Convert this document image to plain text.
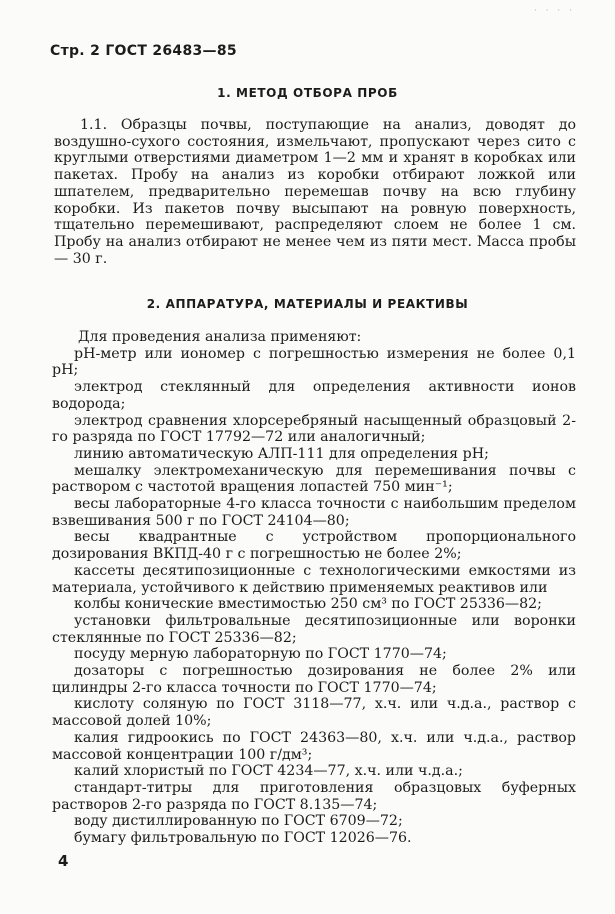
Стр. 2 ГОСТ 26483—85
· · · ·
1. МЕТОД ОТБОРА ПРОБ

1.1. Образцы почвы, поступающие на анализ, доводят до воздушно-сухого состояния, измельчают, пропускают через сито с круглыми отверстиями диаметром 1—2 мм и хранят в коробках или пакетах. Пробу на анализ из коробки отбирают ложкой или шпателем, предварительно перемешав почву на всю глубину коробки. Из пакетов почву высыпают на ровную поверхность, тщательно перемешивают, распределяют слоем не более 1 см. Пробу на анализ отбирают не менее чем из пяти мест. Масса пробы — 30 г.

2. АППАРАТУРА, МАТЕРИАЛЫ И РЕАКТИВЫ

Для проведения анализа применяют:

pH-метр или иономер с погрешностью измерения не более 0,1 pH;

электрод стеклянный для определения активности ионов водорода;

электрод сравнения хлорсеребряный насыщенный образцовый 2-го разряда по ГОСТ 17792—72 или аналогичный;

линию автоматическую АЛП-111 для определения pH;

мешалку электромеханическую для перемешивания почвы с раствором с частотой вращения лопастей 750 мин⁻¹;

весы лабораторные 4-го класса точности с наибольшим пределом взвешивания 500 г по ГОСТ 24104—80;

весы квадрантные с устройством пропорционального дозирования ВКПД-40 г с погрешностью не более 2%;

кассеты десятипозиционные с технологическими емкостями из материала, устойчивого к действию применяемых реактивов или

колбы конические вместимостью 250 см³ по ГОСТ 25336—82;

установки фильтровальные десятипозиционные или воронки стеклянные по ГОСТ 25336—82;

посуду мерную лабораторную по ГОСТ 1770—74;

дозаторы с погрешностью дозирования не более 2% или цилиндры 2-го класса точности по ГОСТ 1770—74;

кислоту соляную по ГОСТ 3118—77, х.ч. или ч.д.а., раствор с массовой долей 10%;

калия гидроокись по ГОСТ 24363—80, х.ч. или ч.д.а., раствор массовой концентрации 100 г/дм³;

калий хлористый по ГОСТ 4234—77, х.ч. или ч.д.а.;

стандарт-титры для приготовления образцовых буферных растворов 2-го разряда по ГОСТ 8.135—74;

воду дистиллированную по ГОСТ 6709—72;

бумагу фильтровальную по ГОСТ 12026—76.

4
